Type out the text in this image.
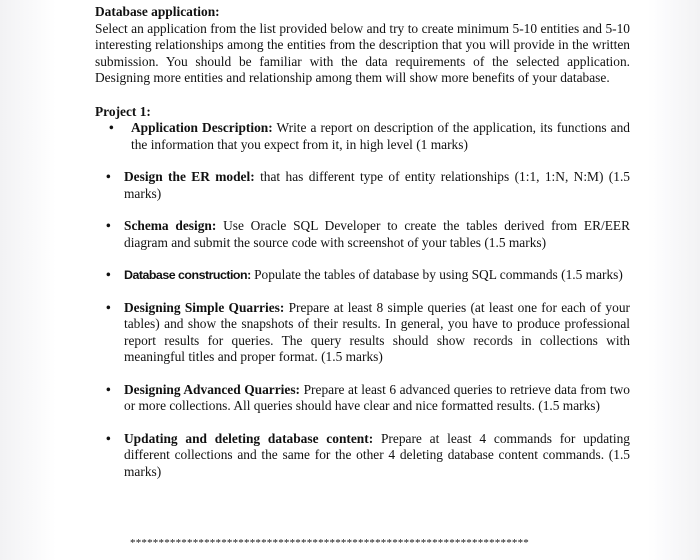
Database application:

Select an application from the list provided below and try to create minimum 5-10 entities and 5-10 interesting relationships among the entities from the description that you will provide in the written submission. You should be familiar with the data requirements of the selected application. Designing more entities and relationship among them will show more benefits of your database.

Project 1:

• Application Description: Write a report on description of the application, its functions and the information that you expect from it, in high level (1 marks)
• Design the ER model: that has different type of entity relationships (1:1, 1:N, N:M) (1.5 marks)
• Schema design: Use Oracle SQL Developer to create the tables derived from ER/EER diagram and submit the source code with screenshot of your tables (1.5 marks)
• Database construction: Populate the tables of database by using SQL commands (1.5 marks)
• Designing Simple Quarries: Prepare at least 8 simple queries (at least one for each of your tables) and show the snapshots of their results. In general, you have to produce professional report results for queries. The query results should show records in collections with meaningful titles and proper format. (1.5 marks)
• Designing Advanced Quarries: Prepare at least 6 advanced queries to retrieve data from two or more collections. All queries should have clear and nice formatted results. (1.5 marks)
• Updating and deleting database content: Prepare at least 4 commands for updating different collections and the same for the other 4 deleting database content commands. (1.5 marks)
**********************************************************************
